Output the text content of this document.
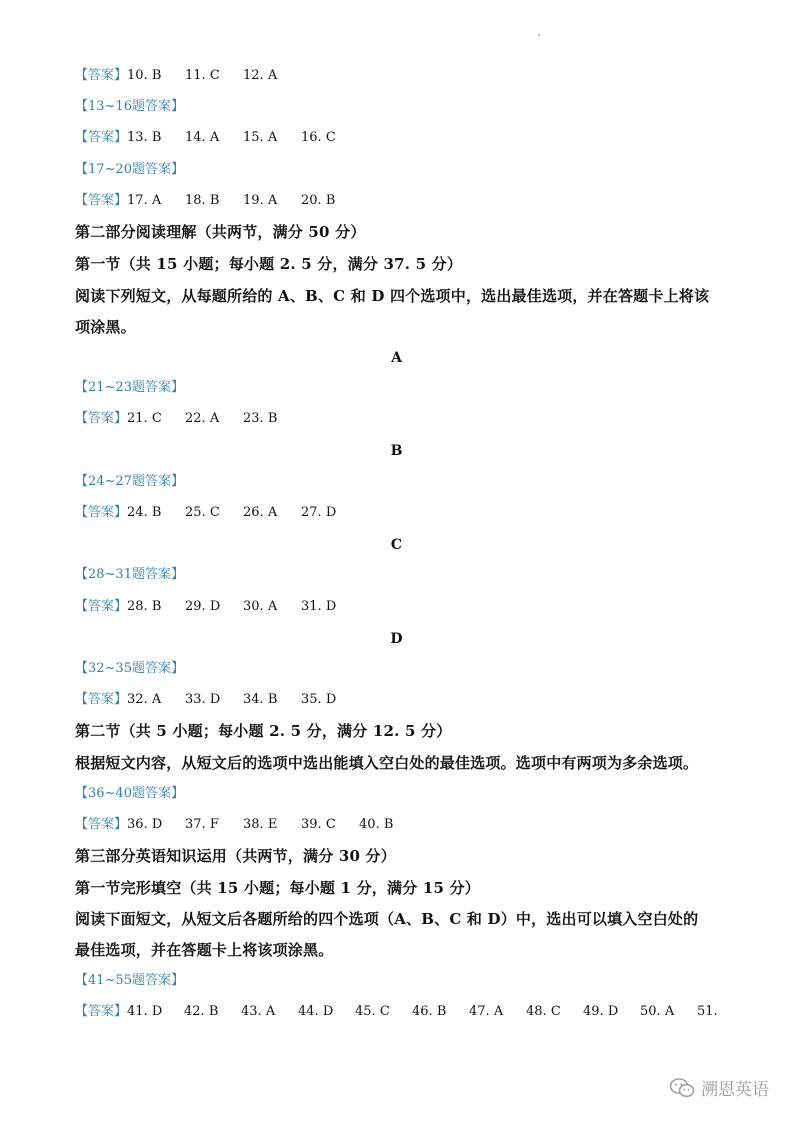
【答案】10. B 11. C 12. A
【13~16题答案】
【答案】13. B 14. A 15. A 16. C
【17~20题答案】
【答案】17. A 18. B 19. A 20. B
第二部分阅读理解（共两节，满分 50 分）
第一节（共 15 小题；每小题 2. 5 分，满分 37. 5 分）
阅读下列短文，从每题所给的 A、B、C 和 D 四个选项中，选出最佳选项，并在答题卡上将该
项涂黑。
A
【21~23题答案】
【答案】21. C 22. A 23. B
B
【24~27题答案】
【答案】24. B 25. C 26. A 27. D
C
【28~31题答案】
【答案】28. B 29. D 30. A 31. D
D
【32~35题答案】
【答案】32. A 33. D 34. B 35. D
第二节（共 5 小题；每小题 2. 5 分，满分 12. 5 分）
根据短文内容，从短文后的选项中选出能填入空白处的最佳选项。选项中有两项为多余选项。
【36~40题答案】
【答案】36. D 37. F 38. E 39. C 40. B
第三部分英语知识运用（共两节，满分 30 分）
第一节完形填空（共 15 小题；每小题 1 分，满分 15 分）
阅读下面短文，从短文后各题所给的四个选项（A、B、C 和 D）中，选出可以填入空白处的
最佳选项，并在答题卡上将该项涂黑。
【41~55题答案】
【答案】41. D 42. B 43. A 44. D 45. C 46. B 47. A 48. C 49. D 50. A 51.
溯恩英语
